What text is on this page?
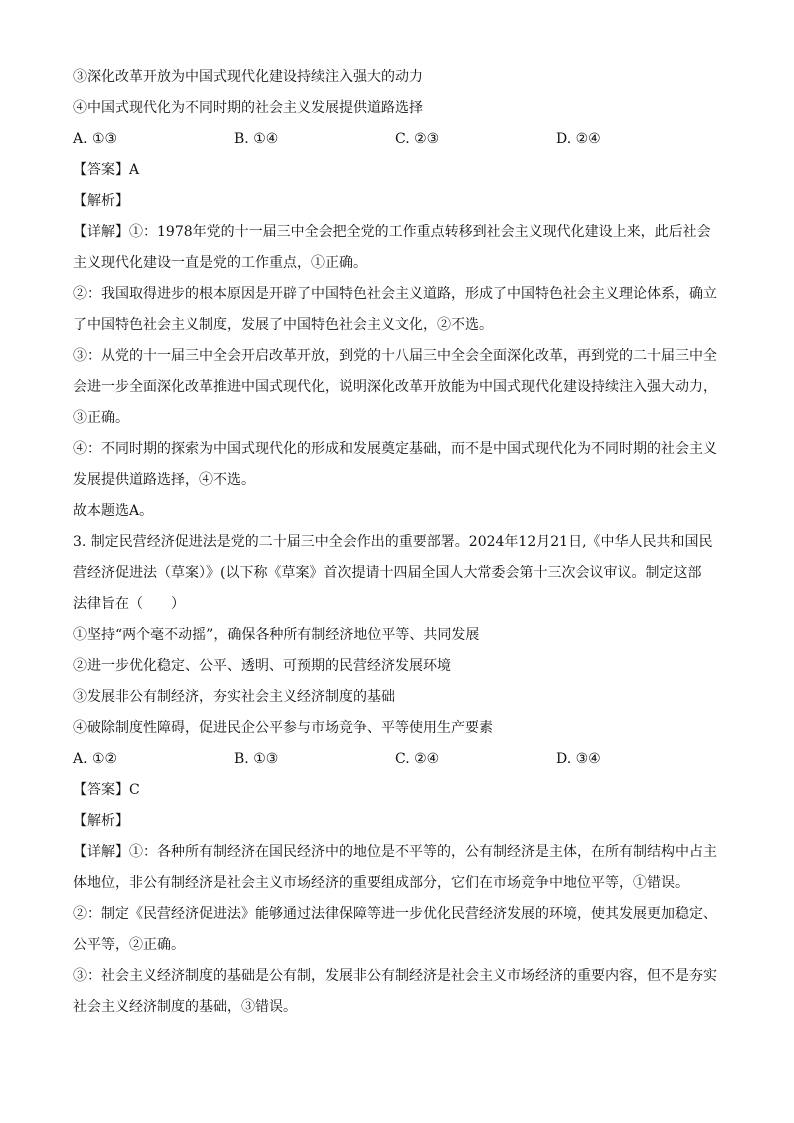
③深化改革开放为中国式现代化建设持续注入强大的动力
④中国式现代化为不同时期的社会主义发展提供道路选择
A. ①③	B. ①④	C. ②③	D. ②④
【答案】A
【解析】
【详解】①：1978年党的十一届三中全会把全党的工作重点转移到社会主义现代化建设上来，此后社会
主义现代化建设一直是党的工作重点，①正确。
②：我国取得进步的根本原因是开辟了中国特色社会主义道路，形成了中国特色社会主义理论体系，确立
了中国特色社会主义制度，发展了中国特色社会主义文化，②不选。
③：从党的十一届三中全会开启改革开放，到党的十八届三中全会全面深化改革，再到党的二十届三中全
会进一步全面深化改革推进中国式现代化，说明深化改革开放能为中国式现代化建设持续注入强大动力，
③正确。
④：不同时期的探索为中国式现代化的形成和发展奠定基础，而不是中国式现代化为不同时期的社会主义
发展提供道路选择，④不选。
故本题选A。
3. 制定民营经济促进法是党的二十届三中全会作出的重要部署。2024年12月21日,《中华人民共和国民
营经济促进法（草案）》(以下称《草案》首次提请十四届全国人大常委会第十三次会议审议。制定这部
法律旨在（　　）
①坚持“两个毫不动摇”，确保各种所有制经济地位平等、共同发展
②进一步优化稳定、公平、透明、可预期的民营经济发展环境
③发展非公有制经济，夯实社会主义经济制度的基础
④破除制度性障碍，促进民企公平参与市场竞争、平等使用生产要素
A. ①②	B. ①③	C. ②④	D. ③④
【答案】C
【解析】
【详解】①：各种所有制经济在国民经济中的地位是不平等的，公有制经济是主体，在所有制结构中占主
体地位，非公有制经济是社会主义市场经济的重要组成部分，它们在市场竞争中地位平等，①错误。
②：制定《民营经济促进法》能够通过法律保障等进一步优化民营经济发展的环境，使其发展更加稳定、
公平等，②正确。
③：社会主义经济制度的基础是公有制，发展非公有制经济是社会主义市场经济的重要内容，但不是夯实
社会主义经济制度的基础，③错误。
